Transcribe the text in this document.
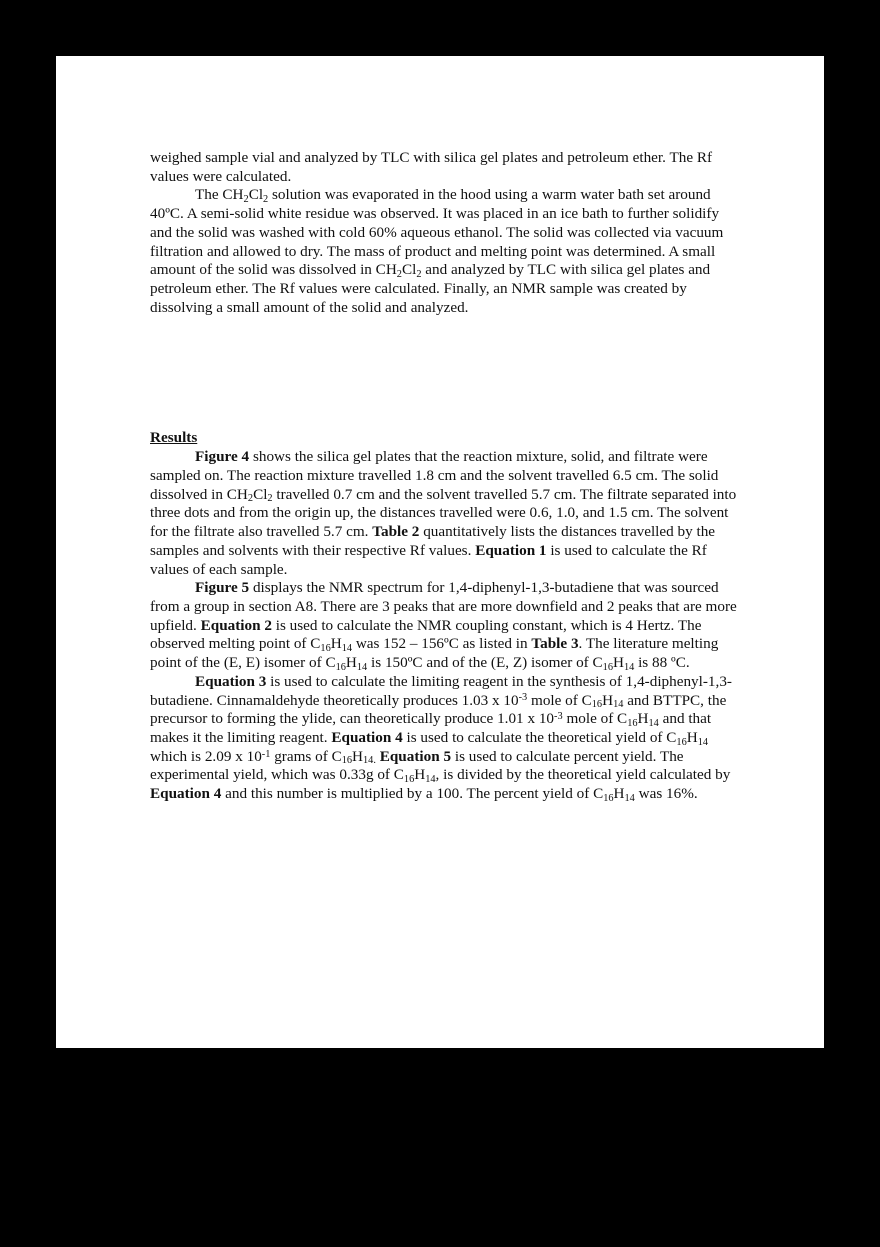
weighed sample vial and analyzed by TLC with silica gel plates and petroleum ether. The Rf
values were calculated.
The $CH_2Cl_2$ solution was evaporated in the hood using a warm water bath set around
40ºC. A semi-solid white residue was observed. It was placed in an ice bath to further solidify
and the solid was washed with cold 60% aqueous ethanol. The solid was collected via vacuum
filtration and allowed to dry. The mass of product and melting point was determined. A small
amount of the solid was dissolved in $CH_2Cl_2$ and analyzed by TLC with silica gel plates and
petroleum ether. The Rf values were calculated. Finally, an NMR sample was created by
dissolving a small amount of the solid and analyzed.
Results
Figure 4 shows the silica gel plates that the reaction mixture, solid, and filtrate were
sampled on. The reaction mixture travelled 1.8 cm and the solvent travelled 6.5 cm. The solid
dissolved in $CH_2Cl_2$ travelled 0.7 cm and the solvent travelled 5.7 cm. The filtrate separated into
three dots and from the origin up, the distances travelled were 0.6, 1.0, and 1.5 cm. The solvent
for the filtrate also travelled 5.7 cm. Table 2 quantitatively lists the distances travelled by the
samples and solvents with their respective Rf values. Equation 1 is used to calculate the Rf
values of each sample.
Figure 5 displays the NMR spectrum for 1,4-diphenyl-1,3-butadiene that was sourced
from a group in section A8. There are 3 peaks that are more downfield and 2 peaks that are more
upfield. Equation 2 is used to calculate the NMR coupling constant, which is 4 Hertz. The
observed melting point of $C_{16}H_{14}$ was 152 – 156ºC as listed in Table 3. The literature melting
point of the (E, E) isomer of $C_{16}H_{14}$ is 150ºC and of the (E, Z) isomer of $C_{16}H_{14}$ is 88 ºC.
Equation 3 is used to calculate the limiting reagent in the synthesis of 1,4-diphenyl-1,3-
butadiene. Cinnamaldehyde theoretically produces 1.03 x $10^{-3}$ mole of $C_{16}H_{14}$ and BTTPC, the
precursor to forming the ylide, can theoretically produce 1.01 x $10^{-3}$ mole of $C_{16}H_{14}$ and that
makes it the limiting reagent. Equation 4 is used to calculate the theoretical yield of $C_{16}H_{14}$
which is 2.09 x $10^{-1}$ grams of $C_{16}H_{14.}$ Equation 5 is used to calculate percent yield. The
experimental yield, which was 0.33g of $C_{16}H_{14}$, is divided by the theoretical yield calculated by
Equation 4 and this number is multiplied by a 100. The percent yield of $C_{16}H_{14}$ was 16%.
